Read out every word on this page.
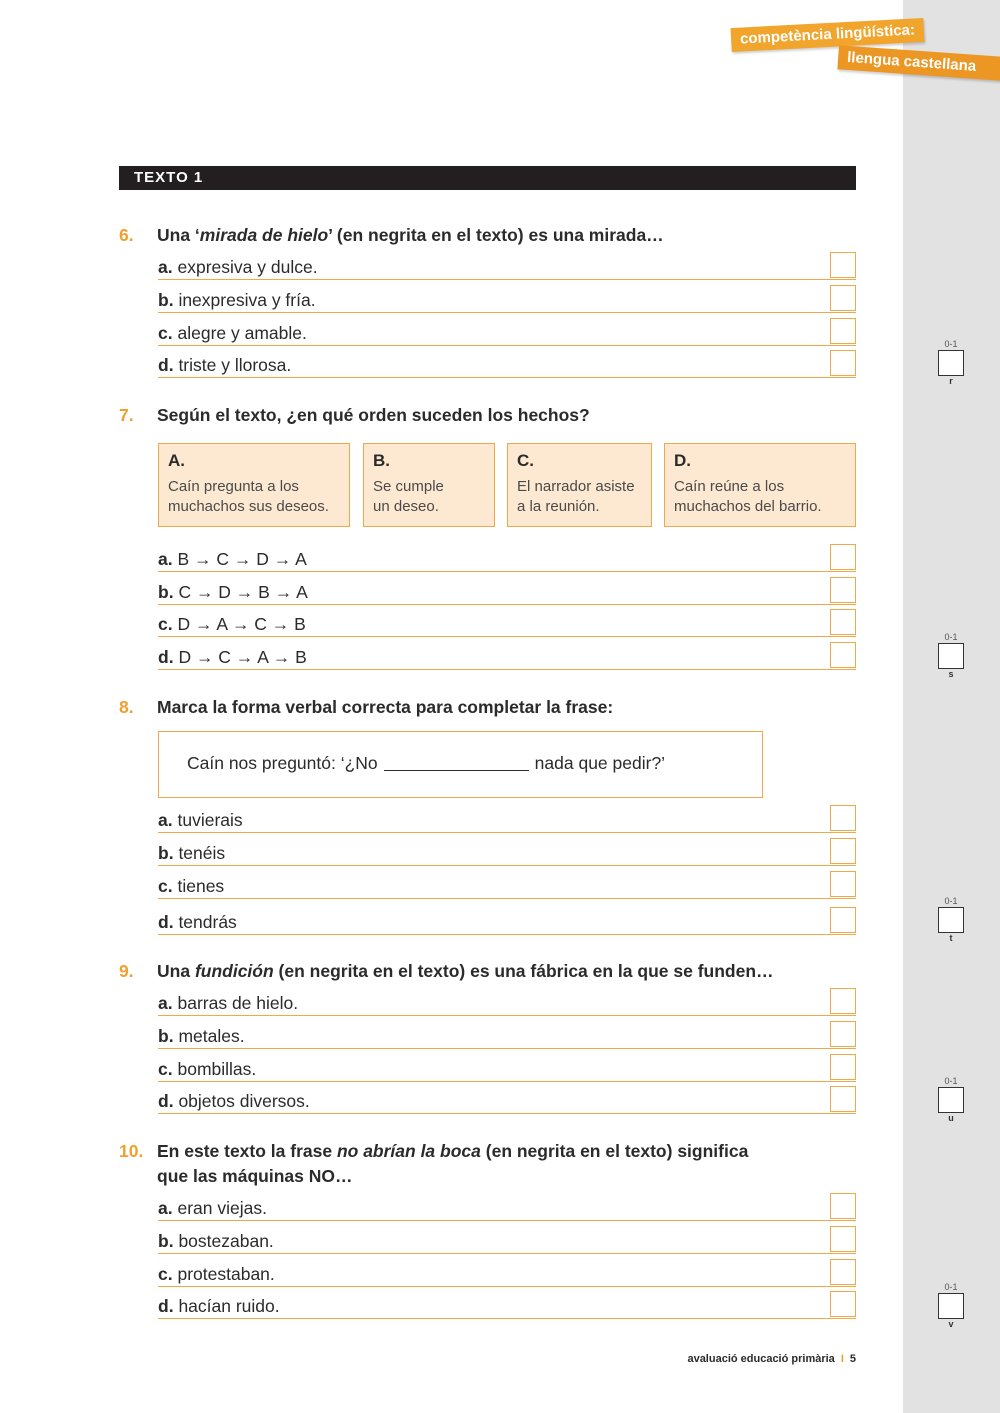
competència lingüística:
llengua castellana
TEXTO 1
6. Una ‘mirada de hielo’ (en negrita en el texto) es una mirada…
a. expresiva y dulce.
b. inexpresiva y fría.
c. alegre y amable.
d. triste y llorosa.
7. Según el texto, ¿en qué orden suceden los hechos?
A.
Caín pregunta a los
muchachos sus deseos.
B.
Se cumple
un deseo.
C.
El narrador asiste
a la reunión.
D.
Caín reúne a los
muchachos del barrio.
a. B → C → D → A
b. C → D → B → A
c. D → A → C → B
d. D → C → A → B
8. Marca la forma verbal correcta para completar la frase:
Caín nos preguntó: ‘¿No	nada que pedir?’
a. tuvierais
b. tenéis
c. tienes
d. tendrás
9. Una fundición (en negrita en el texto) es una fábrica en la que se funden…
a. barras de hielo.
b. metales.
c. bombillas.
d. objetos diversos.
10. En este texto la frase no abrían la boca (en negrita en el texto) significa
que las máquinas NO…
a. eran viejas.
b. bostezaban.
c. protestaban.
d. hacían ruido.
0-1
r
0-1
s
0-1
t
0-1
u
0-1
v
avaluació educació primària I 5
